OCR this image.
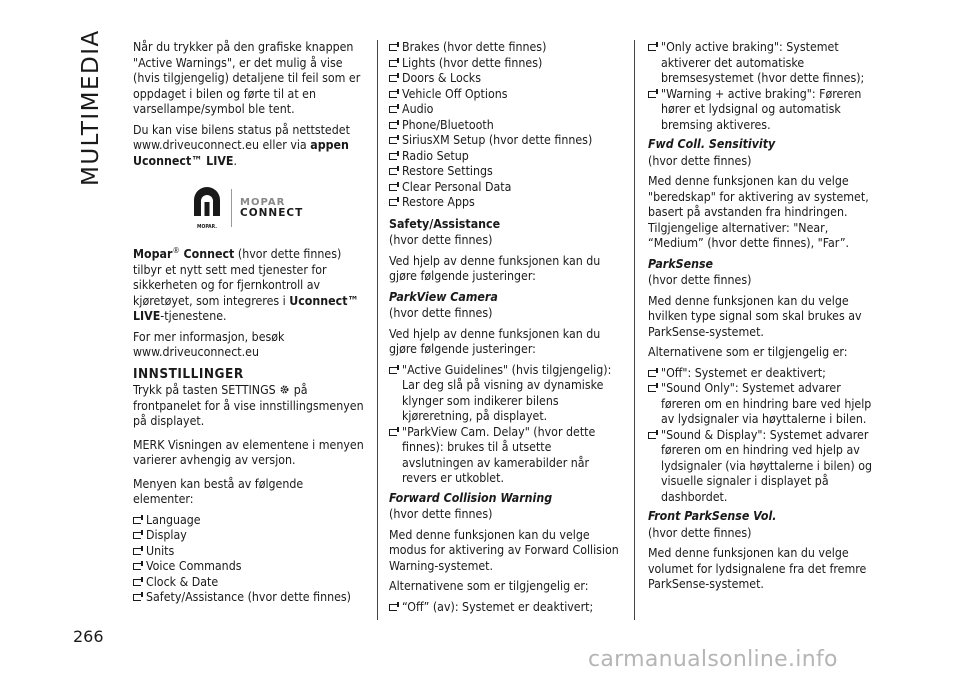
MULTIMEDIA Når du trykker på den grafiske knappen "Active Warnings", er det mulig å vise (hvis tilgjengelig) detaljene til feil som er oppdaget i bilen og førte til at en varsellampe/symbol ble tent.

Du kan vise bilens status på nettstedet www.driveuconnect.eu eller via appen Uconnect™ LIVE.

MOPAR.
MOPAR
CONNECT

Mopar® Connect (hvor dette finnes) tilbyr et nytt sett med tjenester for sikkerheten og for fjernkontroll av kjøretøyet, som integreres i Uconnect™ LIVE-tjenestene.

For mer informasjon, besøk www.driveuconnect.eu

INNSTILLINGER

Trykk på tasten SETTINGS  på frontpanelet for å vise innstillingsmenyen på displayet.

MERK Visningen av elementene i menyen varierer avhengig av versjon.

Menyen kan bestå av følgende elementer:

Language

Display

Units

Voice Commands

Clock & Date

Safety/Assistance (hvor dette finnes)

Brakes (hvor dette finnes)

Lights (hvor dette finnes)

Doors & Locks

Vehicle Off Options

Audio

Phone/Bluetooth

SiriusXM Setup (hvor dette finnes)

Radio Setup

Restore Settings

Clear Personal Data

Restore Apps

Safety/Assistance

(hvor dette finnes)

Ved hjelp av denne funksjonen kan du gjøre følgende justeringer:

ParkView Camera

(hvor dette finnes)

Ved hjelp av denne funksjonen kan du gjøre følgende justeringer:

"Active Guidelines" (hvis tilgjengelig): Lar deg slå på visning av dynamiske klynger som indikerer bilens kjøreretning, på displayet.

"ParkView Cam. Delay" (hvor dette finnes): brukes til å utsette avslutningen av kamerabilder når revers er utkoblet.

Forward Collision Warning

(hvor dette finnes)

Med denne funksjonen kan du velge modus for aktivering av Forward Collision Warning-systemet.

Alternativene som er tilgjengelig er:

“Off” (av): Systemet er deaktivert;

"Only active braking": Systemet aktiverer det automatiske bremsesystemet (hvor dette finnes);

"Warning + active braking": Føreren hører et lydsignal og automatisk bremsing aktiveres.

Fwd Coll. Sensitivity

(hvor dette finnes)

Med denne funksjonen kan du velge "beredskap" for aktivering av systemet, basert på avstanden fra hindringen. Tilgjengelige alternativer: "Near, “Medium” (hvor dette finnes), "Far”.

ParkSense

(hvor dette finnes)

Med denne funksjonen kan du velge hvilken type signal som skal brukes av ParkSense-systemet.

Alternativene som er tilgjengelig er:

"Off": Systemet er deaktivert;

"Sound Only": Systemet advarer føreren om en hindring bare ved hjelp av lydsignaler via høyttalerne i bilen.

"Sound & Display": Systemet advarer føreren om en hindring ved hjelp av lydsignaler (via høyttalerne i bilen) og visuelle signaler i displayet på dashbordet.

Front ParkSense Vol.

(hvor dette finnes)

Med denne funksjonen kan du velge volumet for lydsignalene fra det fremre ParkSense-systemet.

266
carmanualsonline.info
